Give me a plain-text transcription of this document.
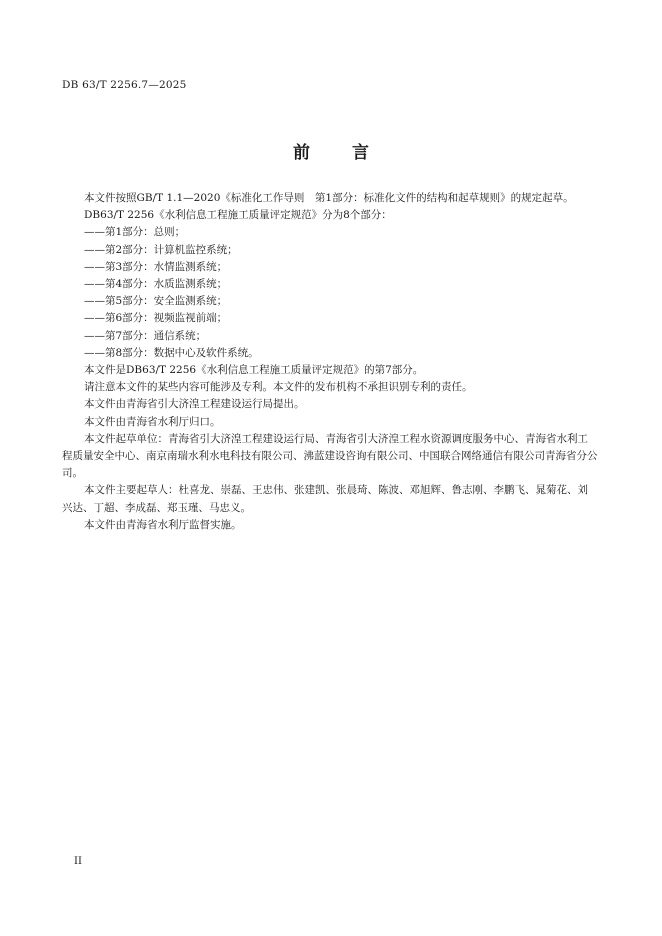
DB 63/T 2256.7—2025
前 言

本文件按照GB/T 1.1—2020《标准化工作导则　第1部分：标准化文件的结构和起草规则》的规定起草。

DB63/T 2256《水利信息工程施工质量评定规范》分为8个部分：

——第1部分：总则；

——第2部分：计算机监控系统；

——第3部分：水情监测系统；

——第4部分：水质监测系统；

——第5部分：安全监测系统；

——第6部分：视频监视前端；

——第7部分：通信系统；

——第8部分：数据中心及软件系统。

本文件是DB63/T 2256《水利信息工程施工质量评定规范》的第7部分。

请注意本文件的某些内容可能涉及专利。本文件的发布机构不承担识别专利的责任。

本文件由青海省引大济湟工程建设运行局提出。

本文件由青海省水利厅归口。

本文件起草单位：青海省引大济湟工程建设运行局、青海省引大济湟工程水资源调度服务中心、青海省水利工程质量安全中心、南京南瑞水利水电科技有限公司、沸蓝建设咨询有限公司、中国联合网络通信有限公司青海省分公司。

本文件主要起草人：杜喜龙、崇磊、王忠伟、张建凯、张晨琦、陈波、邓旭辉、鲁志刚、李鹏飞、晁菊花、刘兴达、丁超、李成磊、郑玉瑾、马忠义。

本文件由青海省水利厅监督实施。

II
